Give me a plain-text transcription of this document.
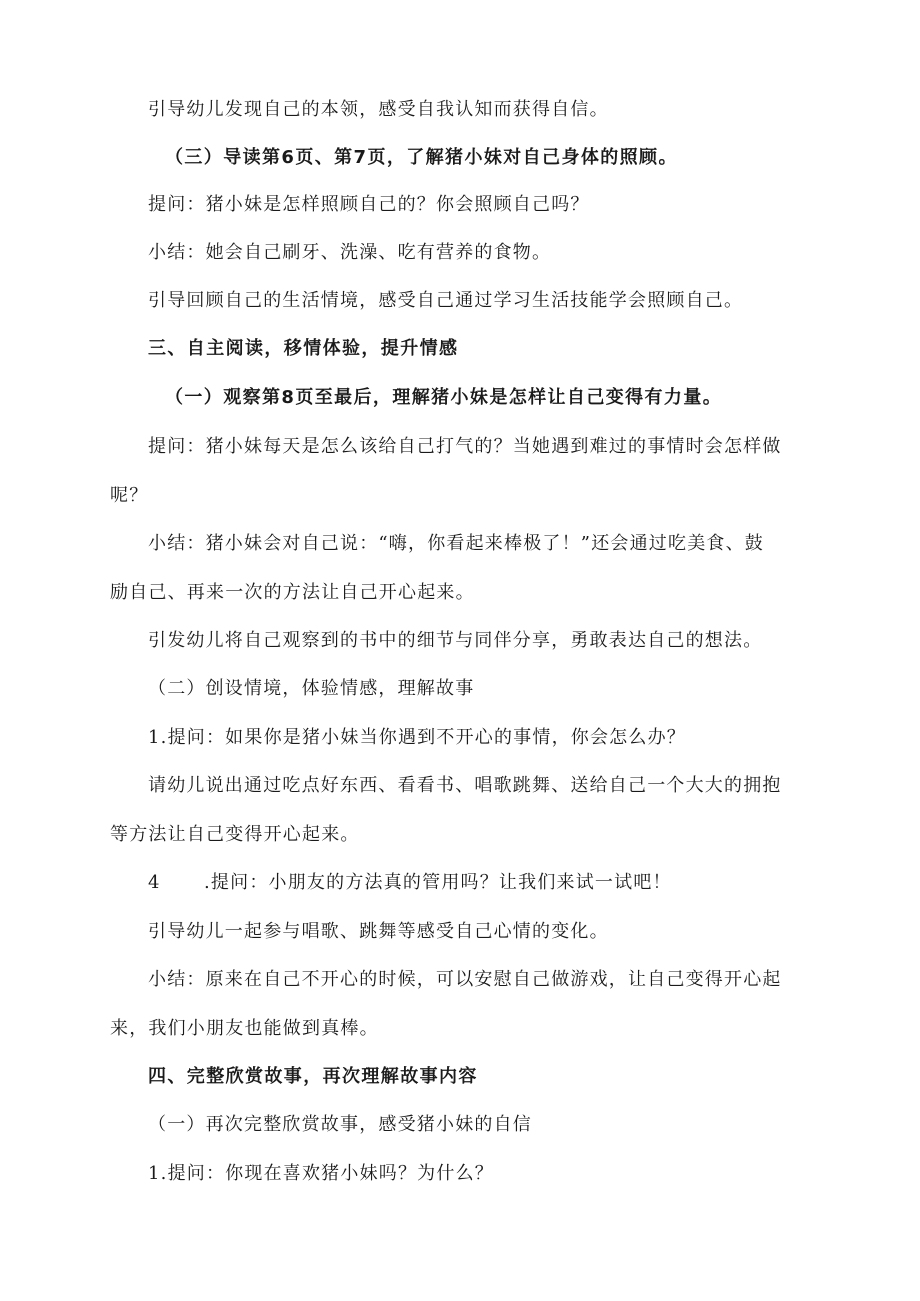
引导幼儿发现自己的本领，感受自我认知而获得自信。
（三）导读第6页、第7页，了解猪小妹对自己身体的照顾。
提问：猪小妹是怎样照顾自己的？你会照顾自己吗？
小结：她会自己刷牙、洗澡、吃有营养的食物。
引导回顾自己的生活情境，感受自己通过学习生活技能学会照顾自己。
三、自主阅读，移情体验，提升情感
（一）观察第8页至最后，理解猪小妹是怎样让自己变得有力量。
提问：猪小妹每天是怎么该给自己打气的？当她遇到难过的事情时会怎样做
呢？
小结：猪小妹会对自己说：“嗨，你看起来棒极了！”还会通过吃美食、鼓
励自己、再来一次的方法让自己开心起来。
引发幼儿将自己观察到的书中的细节与同伴分享，勇敢表达自己的想法。
（二）创设情境，体验情感，理解故事
1.提问：如果你是猪小妹当你遇到不开心的事情，你会怎么办？
请幼儿说出通过吃点好东西、看看书、唱歌跳舞、送给自己一个大大的拥抱
等方法让自己变得开心起来。
4 .提问：小朋友的方法真的管用吗？让我们来试一试吧！
引导幼儿一起参与唱歌、跳舞等感受自己心情的变化。
小结：原来在自己不开心的时候，可以安慰自己做游戏，让自己变得开心起
来，我们小朋友也能做到真棒。
四、完整欣赏故事，再次理解故事内容
（一）再次完整欣赏故事，感受猪小妹的自信
1.提问：你现在喜欢猪小妹吗？为什么？
